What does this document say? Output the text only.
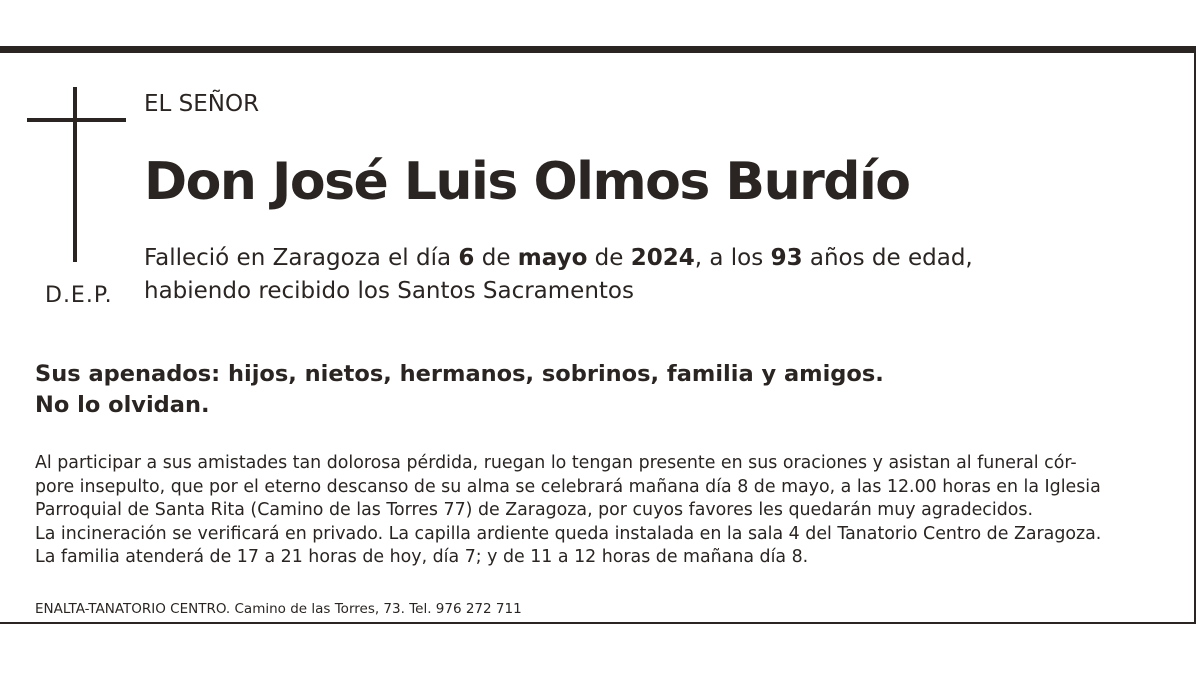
D.E.P.
EL SEÑOR
Don José Luis Olmos Burdío
Falleció en Zaragoza el día 6 de mayo de 2024, a los 93 años de edad,
habiendo recibido los Santos Sacramentos
Sus apenados: hijos, nietos, hermanos, sobrinos, familia y amigos.
No lo olvidan.
Al participar a sus amistades tan dolorosa pérdida, ruegan lo tengan presente en sus oraciones y asistan al funeral cór-
pore insepulto, que por el eterno descanso de su alma se celebrará mañana día 8 de mayo, a las 12.00 horas en la Iglesia
Parroquial de Santa Rita (Camino de las Torres 77) de Zaragoza, por cuyos favores les quedarán muy agradecidos.
La incineración se verificará en privado. La capilla ardiente queda instalada en la sala 4 del Tanatorio Centro de Zaragoza.
La familia atenderá de 17 a 21 horas de hoy, día 7; y de 11 a 12 horas de mañana día 8.
ENALTA-TANATORIO CENTRO. Camino de las Torres, 73. Tel. 976 272 711
